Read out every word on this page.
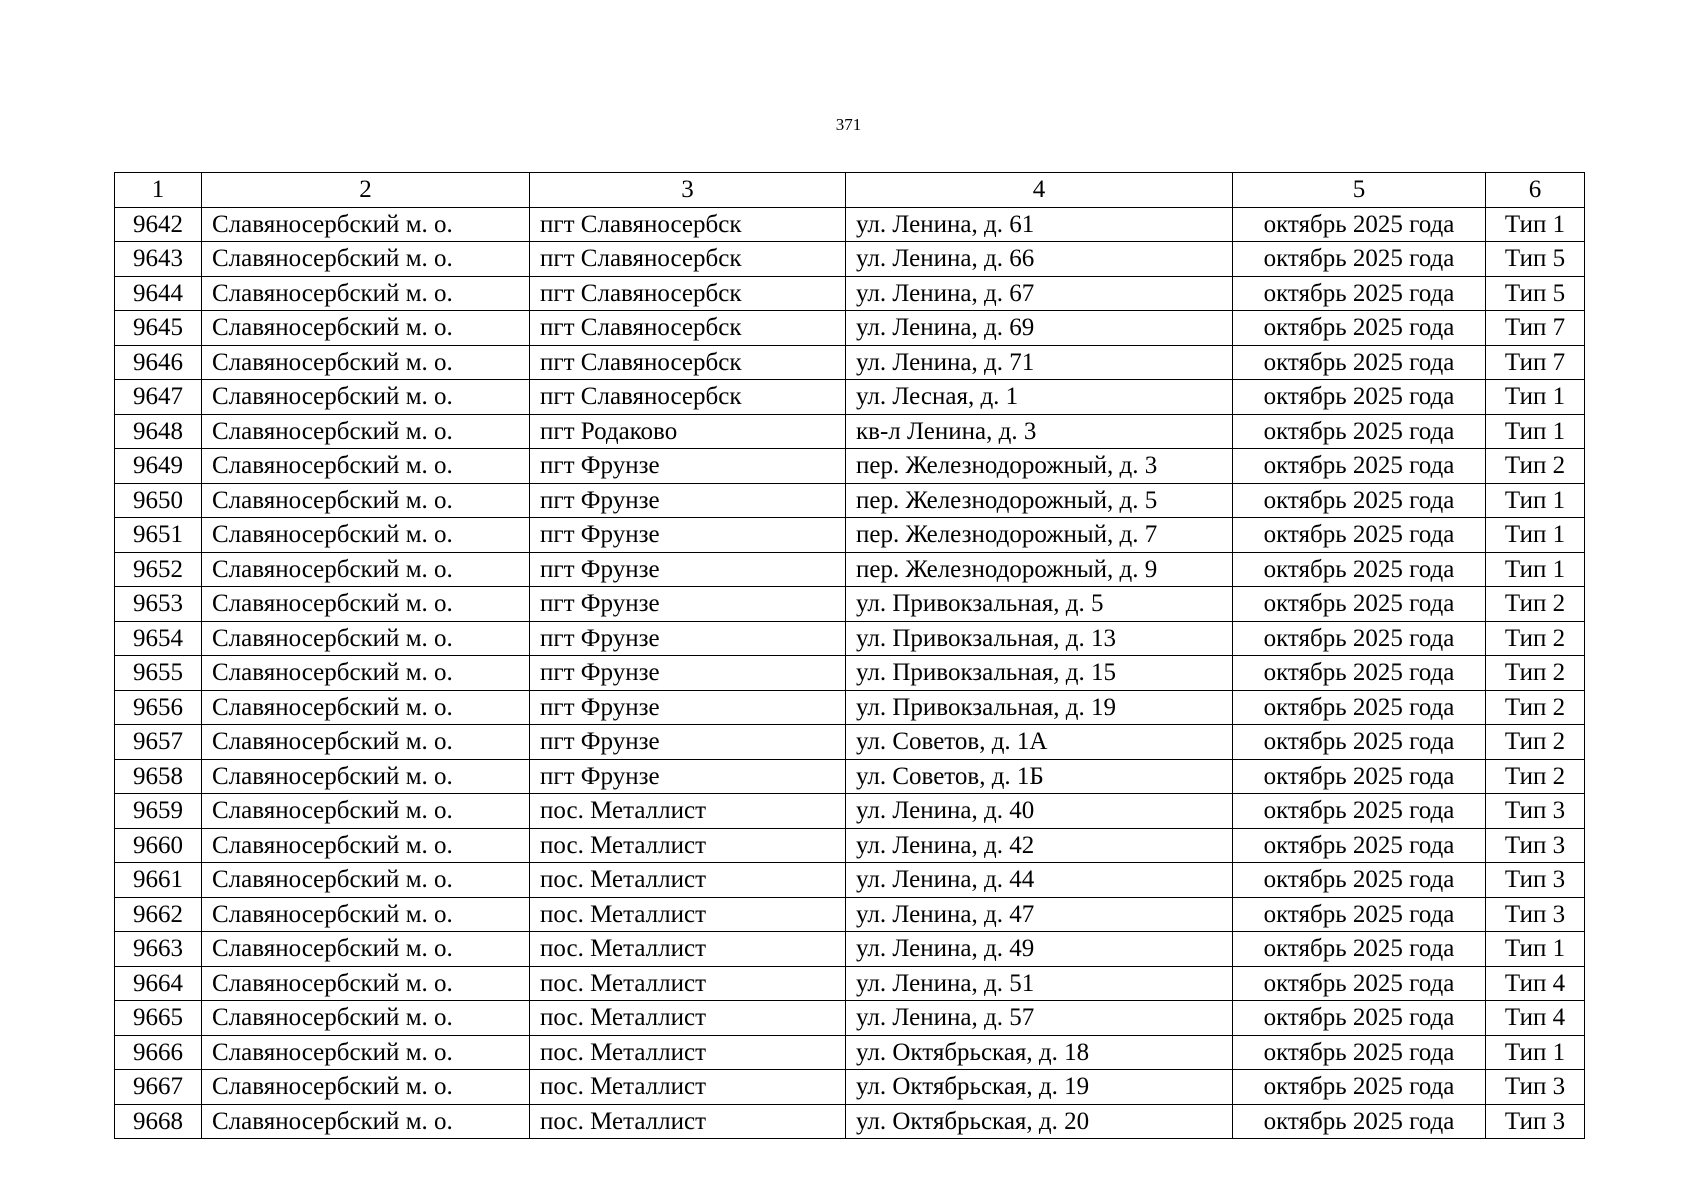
371
1	2	3	4	5	6
9642	Славяносербский м. о.	пгт Славяносербск	ул. Ленина, д. 61	октябрь 2025 года	Тип 1
9643	Славяносербский м. о.	пгт Славяносербск	ул. Ленина, д. 66	октябрь 2025 года	Тип 5
9644	Славяносербский м. о.	пгт Славяносербск	ул. Ленина, д. 67	октябрь 2025 года	Тип 5
9645	Славяносербский м. о.	пгт Славяносербск	ул. Ленина, д. 69	октябрь 2025 года	Тип 7
9646	Славяносербский м. о.	пгт Славяносербск	ул. Ленина, д. 71	октябрь 2025 года	Тип 7
9647	Славяносербский м. о.	пгт Славяносербск	ул. Лесная, д. 1	октябрь 2025 года	Тип 1
9648	Славяносербский м. о.	пгт Родаково	кв-л Ленина, д. 3	октябрь 2025 года	Тип 1
9649	Славяносербский м. о.	пгт Фрунзе	пер. Железнодорожный, д. 3	октябрь 2025 года	Тип 2
9650	Славяносербский м. о.	пгт Фрунзе	пер. Железнодорожный, д. 5	октябрь 2025 года	Тип 1
9651	Славяносербский м. о.	пгт Фрунзе	пер. Железнодорожный, д. 7	октябрь 2025 года	Тип 1
9652	Славяносербский м. о.	пгт Фрунзе	пер. Железнодорожный, д. 9	октябрь 2025 года	Тип 1
9653	Славяносербский м. о.	пгт Фрунзе	ул. Привокзальная, д. 5	октябрь 2025 года	Тип 2
9654	Славяносербский м. о.	пгт Фрунзе	ул. Привокзальная, д. 13	октябрь 2025 года	Тип 2
9655	Славяносербский м. о.	пгт Фрунзе	ул. Привокзальная, д. 15	октябрь 2025 года	Тип 2
9656	Славяносербский м. о.	пгт Фрунзе	ул. Привокзальная, д. 19	октябрь 2025 года	Тип 2
9657	Славяносербский м. о.	пгт Фрунзе	ул. Советов, д. 1А	октябрь 2025 года	Тип 2
9658	Славяносербский м. о.	пгт Фрунзе	ул. Советов, д. 1Б	октябрь 2025 года	Тип 2
9659	Славяносербский м. о.	пос. Металлист	ул. Ленина, д. 40	октябрь 2025 года	Тип 3
9660	Славяносербский м. о.	пос. Металлист	ул. Ленина, д. 42	октябрь 2025 года	Тип 3
9661	Славяносербский м. о.	пос. Металлист	ул. Ленина, д. 44	октябрь 2025 года	Тип 3
9662	Славяносербский м. о.	пос. Металлист	ул. Ленина, д. 47	октябрь 2025 года	Тип 3
9663	Славяносербский м. о.	пос. Металлист	ул. Ленина, д. 49	октябрь 2025 года	Тип 1
9664	Славяносербский м. о.	пос. Металлист	ул. Ленина, д. 51	октябрь 2025 года	Тип 4
9665	Славяносербский м. о.	пос. Металлист	ул. Ленина, д. 57	октябрь 2025 года	Тип 4
9666	Славяносербский м. о.	пос. Металлист	ул. Октябрьская, д. 18	октябрь 2025 года	Тип 1
9667	Славяносербский м. о.	пос. Металлист	ул. Октябрьская, д. 19	октябрь 2025 года	Тип 3
9668	Славяносербский м. о.	пос. Металлист	ул. Октябрьская, д. 20	октябрь 2025 года	Тип 3
